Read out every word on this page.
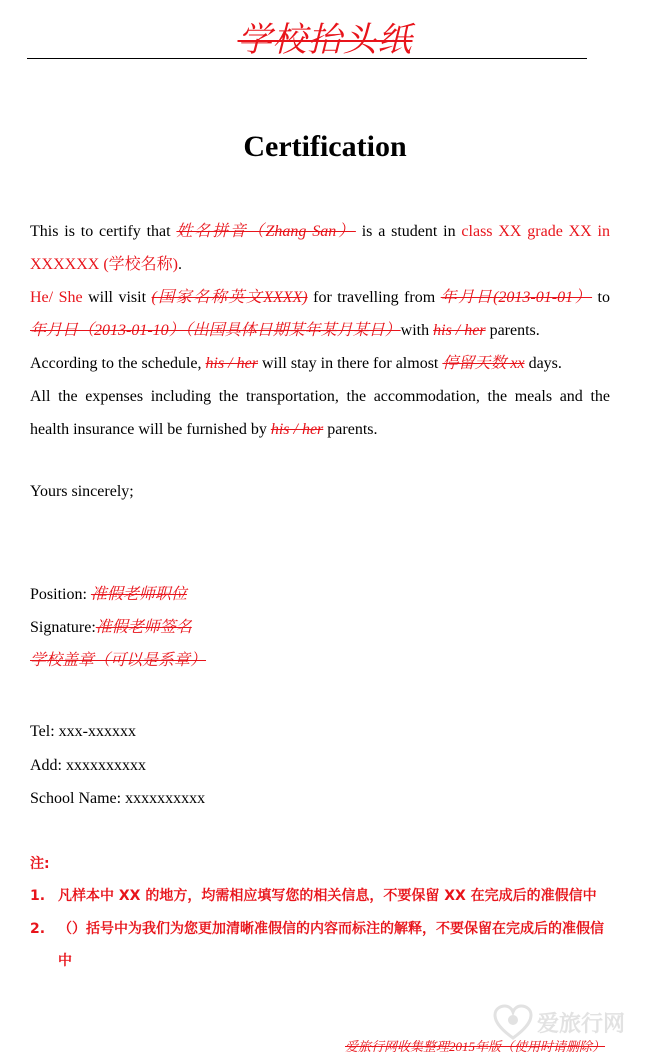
学校抬头纸
Certification
This is to certify that 姓名拼音（Zhang San） is a student in class XX grade XX in
XXXXXX (学校名称).
He/ She will visit (国家名称英文XXXX) for travelling from 年月日(2013-01-01） to
年月日（2013-01-10）（出国具体日期某年某月某日）with his / her parents.
According to the schedule, his / her will stay in there for almost 停留天数 xx days.
All the expenses including the transportation, the accommodation, the meals and the
health insurance will be furnished by his / her parents.
Yours sincerely;
Position: 准假老师职位
Signature:准假老师签名
学校盖章（可以是系章）
Tel: xxx-xxxxxx
Add: xxxxxxxxxx
School Name: xxxxxxxxxx
注:
1. 凡样本中 XX 的地方，均需相应填写您的相关信息，不要保留 XX 在完成后的准假信中
2. （）括号中为我们为您更加清晰准假信的内容而标注的解释，不要保留在完成后的准假信中
爱旅行网
爱旅行网收集整理2015年版（使用时请删除）
